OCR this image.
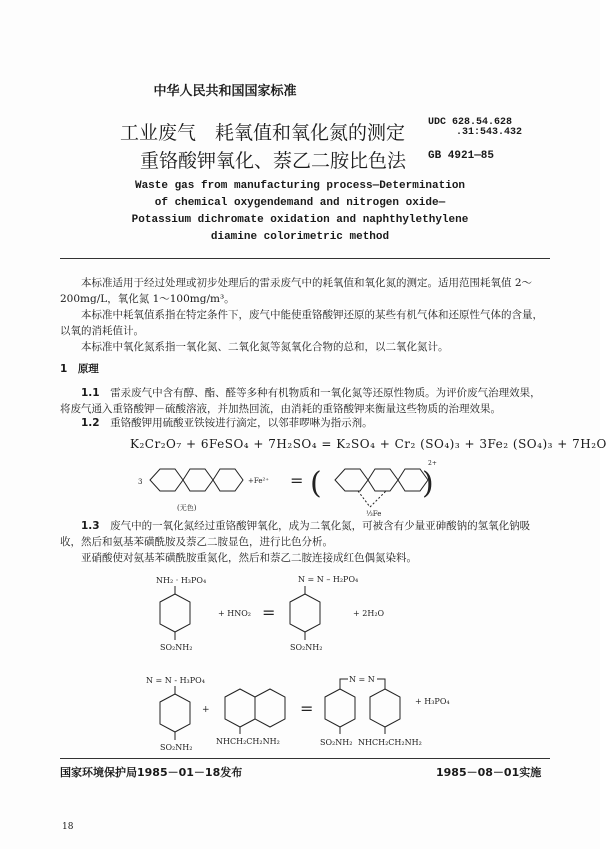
中华人民共和国国家标准
工业废气　耗氧值和氧化氮的测定
重铬酸钾氧化、萘乙二胺比色法
UDC 628.54.628
.31:543.432
GB 4921—85
Waste gas from manufacturing process—Determination
of chemical oxygendemand and nitrogen oxide—
Potassium dichromate oxidation and naphthylethylene
diamine colorimetric method
本标准适用于经过处理或初步处理后的雷汞废气中的耗氧值和氧化氮的测定。适用范围耗氧值 2～200mg/L，氧化氮 1～100mg/m³。
本标准中耗氧值系指在特定条件下，废气中能使重铬酸钾还原的某些有机气体和还原性气体的含量，以氧的消耗值计。
本标准中氧化氮系指一氧化氮、二氧化氮等氮氧化合物的总和，以二氧化氮计。
1　 原理
1.1　 雷汞废气中含有醇、酯、醛等多种有机物质和一氧化氮等还原性物质。为评价废气治理效果，将废气通入重铬酸钾－硫酸溶液，并加热回流，由消耗的重铬酸钾来衡量这些物质的治理效果。
1.2　 重铬酸钾用硫酸亚铁铵进行滴定，以邻菲啰啉为指示剂。
K₂Cr₂O₇ + 6FeSO₄ + 7H₂SO₄ = K₂SO₄ + Cr₂ (SO₄)₃ + 3Fe₂ (SO₄)₃ + 7H₂O
3	+Fe²⁺ = (	)
2+
(无色)
⅓Fe
1.3　 废气中的一氧化氮经过重铬酸钾氧化，成为二氧化氮，可被含有少量亚砷酸钠的氢氧化钠吸收，然后和氨基苯磺酰胺及萘乙二胺显色，进行比色分析。
亚硝酸使对氨基苯磺酰胺重氮化，然后和萘乙二胺连接成红色偶氮染料。
NH₂ · H₃PO₄
SO₂NH₂
+ HNO₂ =
N = N – H₂PO₄
SO₂NH₂
+ 2H₂O
N = N - H₃PO₄
SO₂NH₂
+
NHCH₂CH₂NH₂
=
N = N
SO₂NH₂ NHCH₂CH₂NH₂
+ H₃PO₄
国家环境保护局1985－01－18发布	1985－08－01实施
18
